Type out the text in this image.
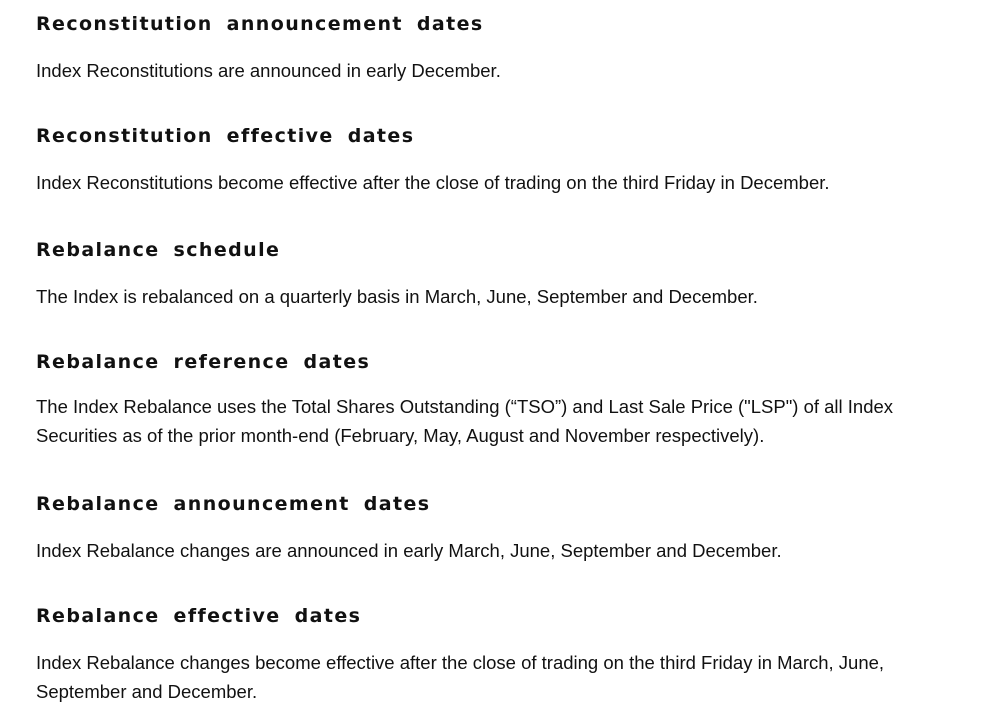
Reconstitution announcement dates

Index Reconstitutions are announced in early December.

Reconstitution effective dates

Index Reconstitutions become effective after the close of trading on the third Friday in December.

Rebalance schedule

The Index is rebalanced on a quarterly basis in March, June, September and December.

Rebalance reference dates

The Index Rebalance uses the Total Shares Outstanding (“TSO”) and Last Sale Price ("LSP") of all Index Securities as of the prior month-end (February, May, August and November respectively).

Rebalance announcement dates

Index Rebalance changes are announced in early March, June, September and December.

Rebalance effective dates

Index Rebalance changes become effective after the close of trading on the third Friday in March, June, September and December.
